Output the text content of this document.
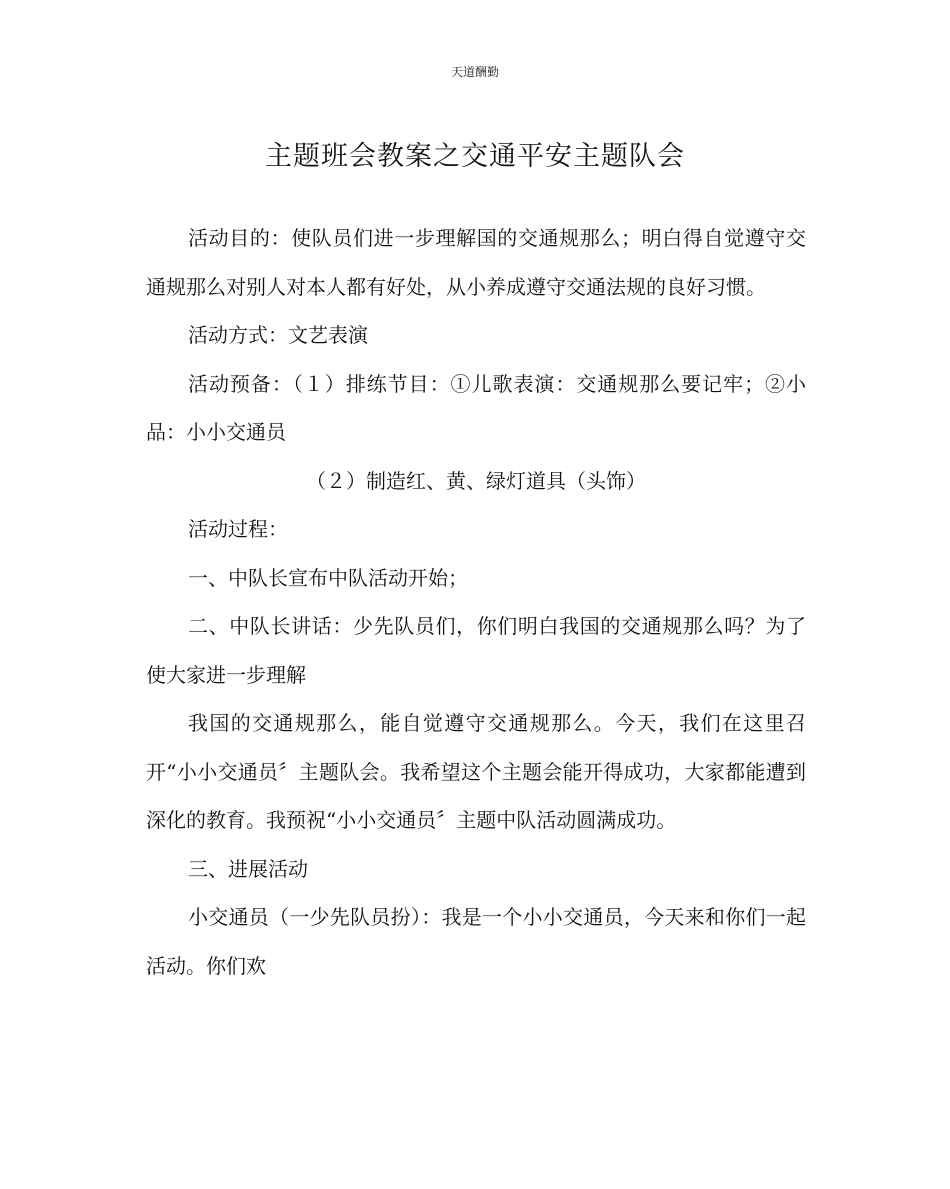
天道酬勤
主题班会教案之交通平安主题队会

活动目的：使队员们进一步理解国的交通规那么；明白得自觉遵守交通规那么对别人对本人都有好处，从小养成遵守交通法规的良好习惯。

活动方式：文艺表演

活动预备：（１）排练节目：①儿歌表演：交通规那么要记牢；②小品：小小交通员

（２）制造红、黄、绿灯道具（头饰）

活动过程：

一、中队长宣布中队活动开始；

二、中队长讲话：少先队员们，你们明白我国的交通规那么吗？为了使大家进一步理解

我国的交通规那么，能自觉遵守交通规那么。今天，我们在这里召开“小小交通员〞主题队会。我希望这个主题会能开得成功，大家都能遭到深化的教育。我预祝“小小交通员〞主题中队活动圆满成功。

三、进展活动

小交通员（一少先队员扮）：我是一个小小交通员，今天来和你们一起活动。你们欢
